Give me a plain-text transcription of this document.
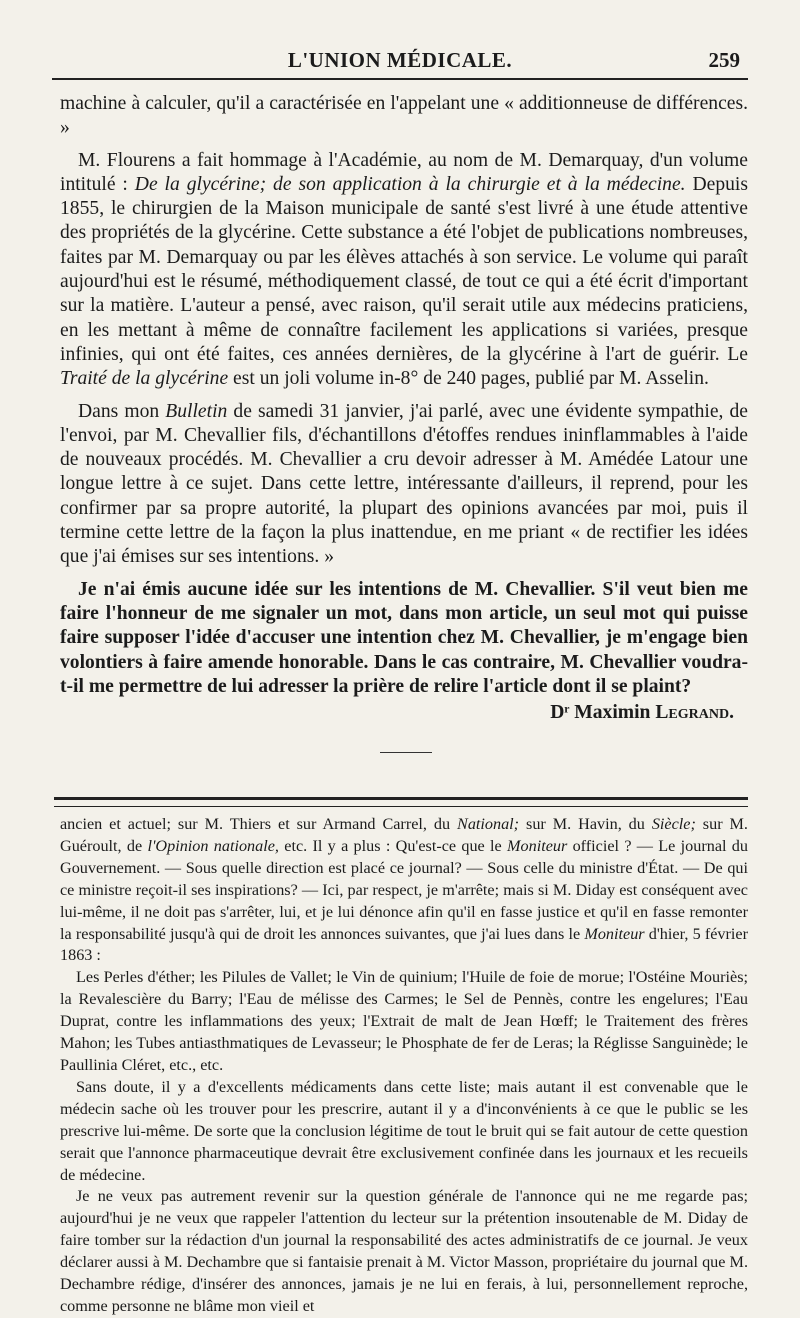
L'UNION MÉDICALE.	259

machine à calculer, qu'il a caractérisée en l'appelant une « additionneuse de différences. »

M. Flourens a fait hommage à l'Académie, au nom de M. Demarquay, d'un volume intitulé : De la glycérine; de son application à la chirurgie et à la médecine. Depuis 1855, le chirurgien de la Maison municipale de santé s'est livré à une étude attentive des propriétés de la glycérine. Cette substance a été l'objet de publications nombreuses, faites par M. Demarquay ou par les élèves attachés à son service. Le volume qui paraît aujourd'hui est le résumé, méthodiquement classé, de tout ce qui a été écrit d'important sur la matière. L'auteur a pensé, avec raison, qu'il serait utile aux médecins praticiens, en les mettant à même de connaître facilement les applications si variées, presque infinies, qui ont été faites, ces années dernières, de la glycérine à l'art de guérir. Le Traité de la glycérine est un joli volume in-8° de 240 pages, publié par M. Asselin.

Dans mon Bulletin de samedi 31 janvier, j'ai parlé, avec une évidente sympathie, de l'envoi, par M. Chevallier fils, d'échantillons d'étoffes rendues ininflammables à l'aide de nouveaux procédés. M. Chevallier a cru devoir adresser à M. Amédée Latour une longue lettre à ce sujet. Dans cette lettre, intéressante d'ailleurs, il reprend, pour les confirmer par sa propre autorité, la plupart des opinions avancées par moi, puis il termine cette lettre de la façon la plus inattendue, en me priant « de rectifier les idées que j'ai émises sur ses intentions. »

Je n'ai émis aucune idée sur les intentions de M. Chevallier. S'il veut bien me faire l'honneur de me signaler un mot, dans mon article, un seul mot qui puisse faire supposer l'idée d'accuser une intention chez M. Chevallier, je m'engage bien volontiers à faire amende honorable. Dans le cas contraire, M. Chevallier voudra-t-il me permettre de lui adresser la prière de relire l'article dont il se plaint?

Dʳ Maximin Legrand.

ancien et actuel; sur M. Thiers et sur Armand Carrel, du National; sur M. Havin, du Siècle; sur M. Guéroult, de l'Opinion nationale, etc. Il y a plus : Qu'est-ce que le Moniteur officiel ? — Le journal du Gouvernement. — Sous quelle direction est placé ce journal? — Sous celle du ministre d'État. — De qui ce ministre reçoit-il ses inspirations? — Ici, par respect, je m'arrête; mais si M. Diday est conséquent avec lui-même, il ne doit pas s'arrêter, lui, et je lui dénonce afin qu'il en fasse justice et qu'il en fasse remonter la responsabilité jusqu'à qui de droit les annonces suivantes, que j'ai lues dans le Moniteur d'hier, 5 février 1863 :

Les Perles d'éther; les Pilules de Vallet; le Vin de quinium; l'Huile de foie de morue; l'Ostéine Mouriès; la Revalescière du Barry; l'Eau de mélisse des Carmes; le Sel de Pennès, contre les engelures; l'Eau Duprat, contre les inflammations des yeux; l'Extrait de malt de Jean Hœff; le Traitement des frères Mahon; les Tubes antiasthmatiques de Levasseur; le Phosphate de fer de Leras; la Réglisse Sanguinède; le Paullinia Cléret, etc., etc.

Sans doute, il y a d'excellents médicaments dans cette liste; mais autant il est convenable que le médecin sache où les trouver pour les prescrire, autant il y a d'inconvénients à ce que le public se les prescrive lui-même. De sorte que la conclusion légitime de tout le bruit qui se fait autour de cette question serait que l'annonce pharmaceutique devrait être exclusivement confinée dans les journaux et les recueils de médecine.

Je ne veux pas autrement revenir sur la question générale de l'annonce qui ne me regarde pas; aujourd'hui je ne veux que rappeler l'attention du lecteur sur la prétention insoutenable de M. Diday de faire tomber sur la rédaction d'un journal la responsabilité des actes administratifs de ce journal. Je veux déclarer aussi à M. Dechambre que si fantaisie prenait à M. Victor Masson, propriétaire du journal que M. Dechambre rédige, d'insérer des annonces, jamais je ne lui en ferais, à lui, personnellement reproche, comme personne ne blâme mon vieil et
